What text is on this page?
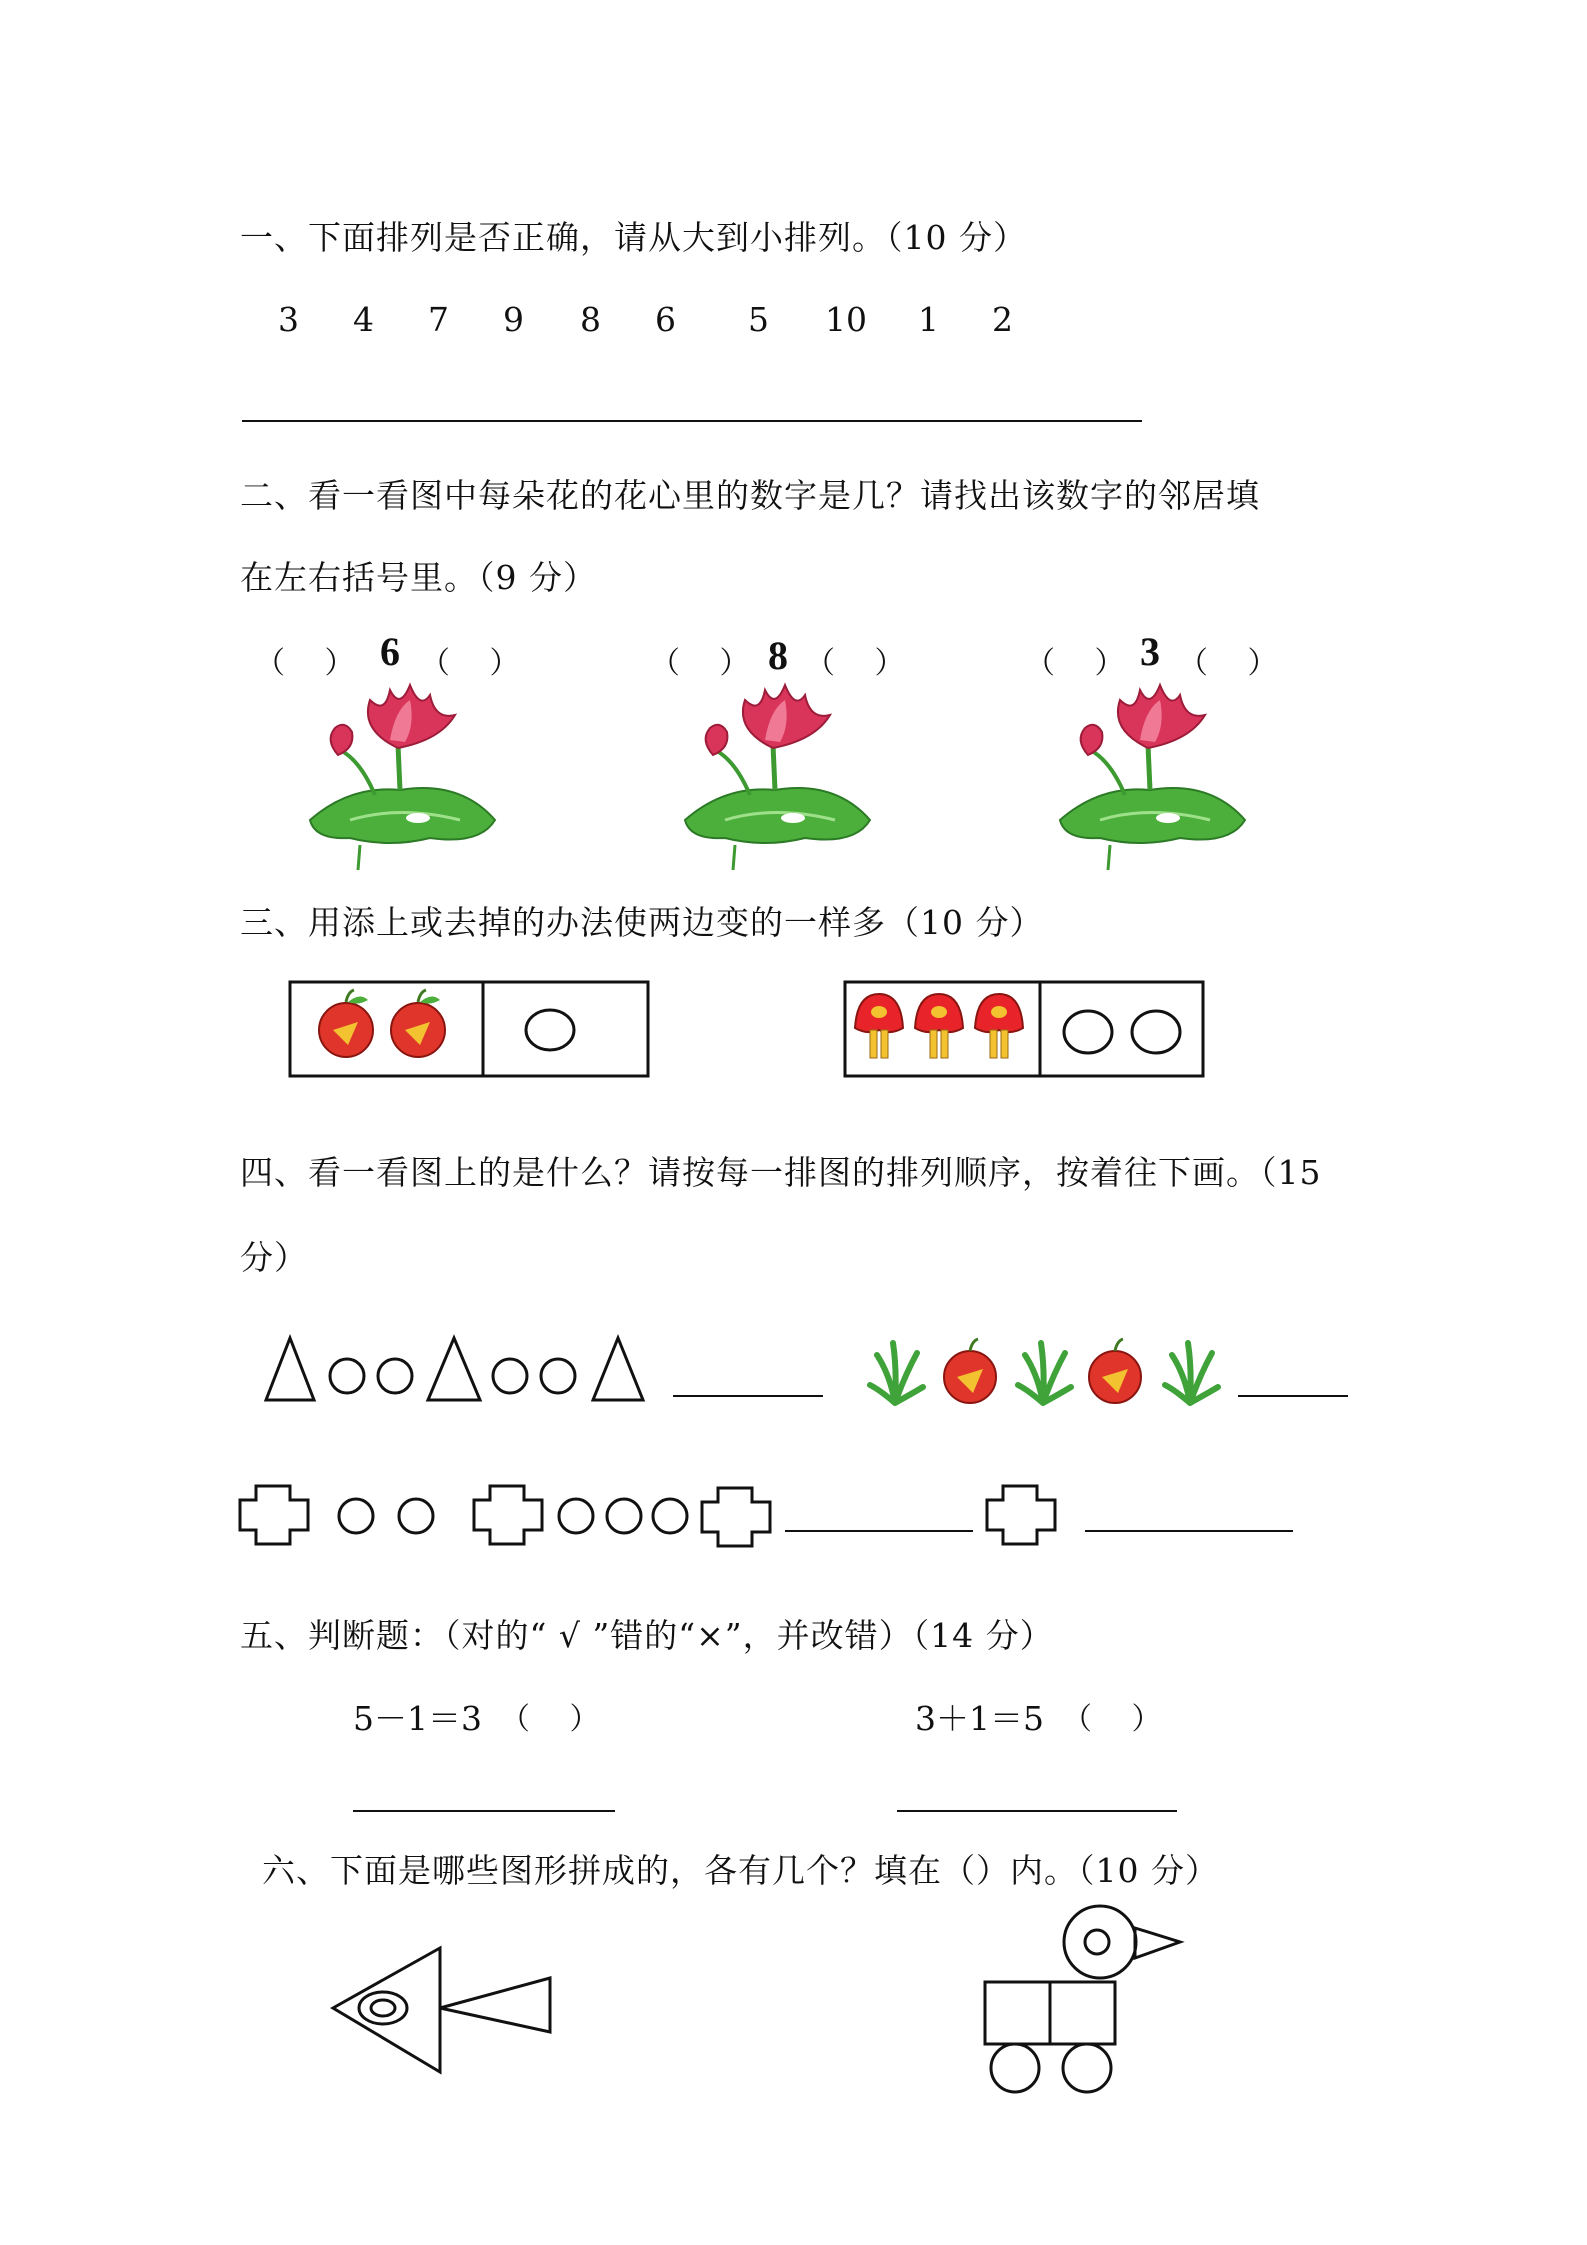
一、下面排列是否正确，请从大到小排列。（10 分）
3 4 7 9 8 6 5 10 1 2
二、看一看图中每朵花的花心里的数字是几？请找出该数字的邻居填
在左右括号里。（9 分）
（　 ） 6 （　 ）	（　 ） 8 （　 ）	（　 ） 3 （　 ）
三、用添上或去掉的办法使两边变的一样多（10 分）
四、看一看图上的是什么？请按每一排图的排列顺序，按着往下画。（15
分）
五、判断题：（对的“ √ ”错的“×”，并改错）（14 分）
5－1＝3 （　 ）	3＋1＝5 （　 ）
六、下面是哪些图形拼成的，各有几个？填在（）内。（10 分）
